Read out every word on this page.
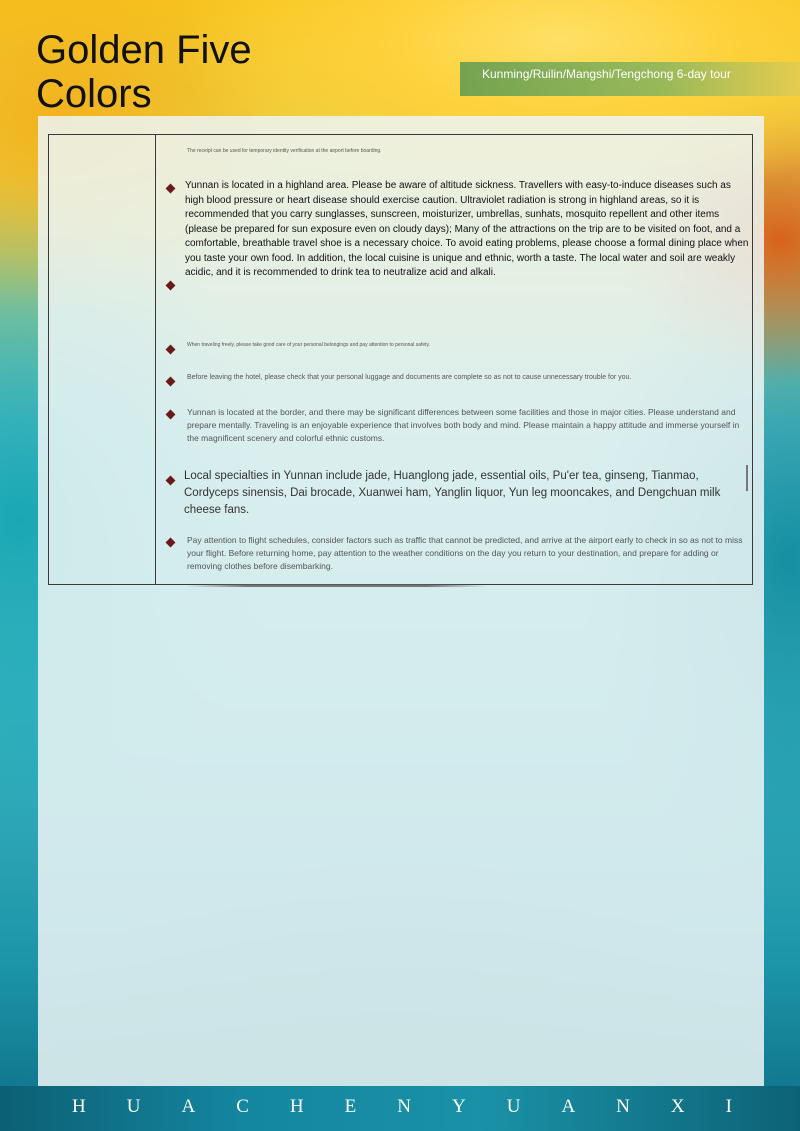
Golden Five Colors	Kunming/Ruilin/Mangshi/Tengchong 6-day tour
The receipt can be used for temporary identity verification at the airport before boarding.
Yunnan is located in a highland area. Please be aware of altitude sickness. Travellers with easy-to-induce diseases such as high blood pressure or heart disease should exercise caution. Ultraviolet radiation is strong in highland areas, so it is recommended that you carry sunglasses, sunscreen, moisturizer, umbrellas, sunhats, mosquito repellent and other items (please be prepared for sun exposure even on cloudy days); Many of the attractions on the trip are to be visited on foot, and a comfortable, breathable travel shoe is a necessary choice. To avoid eating problems, please choose a formal dining place when you taste your own food. In addition, the local cuisine is unique and ethnic, worth a taste. The local water and soil are weakly acidic, and it is recommended to drink tea to neutralize acid and alkali.
When traveling freely, please take good care of your personal belongings and pay attention to personal safety.
Before leaving the hotel, please check that your personal luggage and documents are complete so as not to cause unnecessary trouble for you.
Yunnan is located at the border, and there may be significant differences between some facilities and those in major cities. Please understand and prepare mentally. Traveling is an enjoyable experience that involves both body and mind. Please maintain a happy attitude and immerse yourself in the magnificent scenery and colorful ethnic customs.
Local specialties in Yunnan include jade, Huanglong jade, essential oils, Pu'er tea, ginseng, Tianmao, Cordyceps sinensis, Dai brocade, Xuanwei ham, Yanglin liquor, Yun leg mooncakes, and Dengchuan milk cheese fans.
Pay attention to flight schedules, consider factors such as traffic that cannot be predicted, and arrive at the airport early to check in so as not to miss your flight. Before returning home, pay attention to the weather conditions on the day you return to your destination, and prepare for adding or removing clothes before disembarking.
H U A C H E N Y U A N X I
